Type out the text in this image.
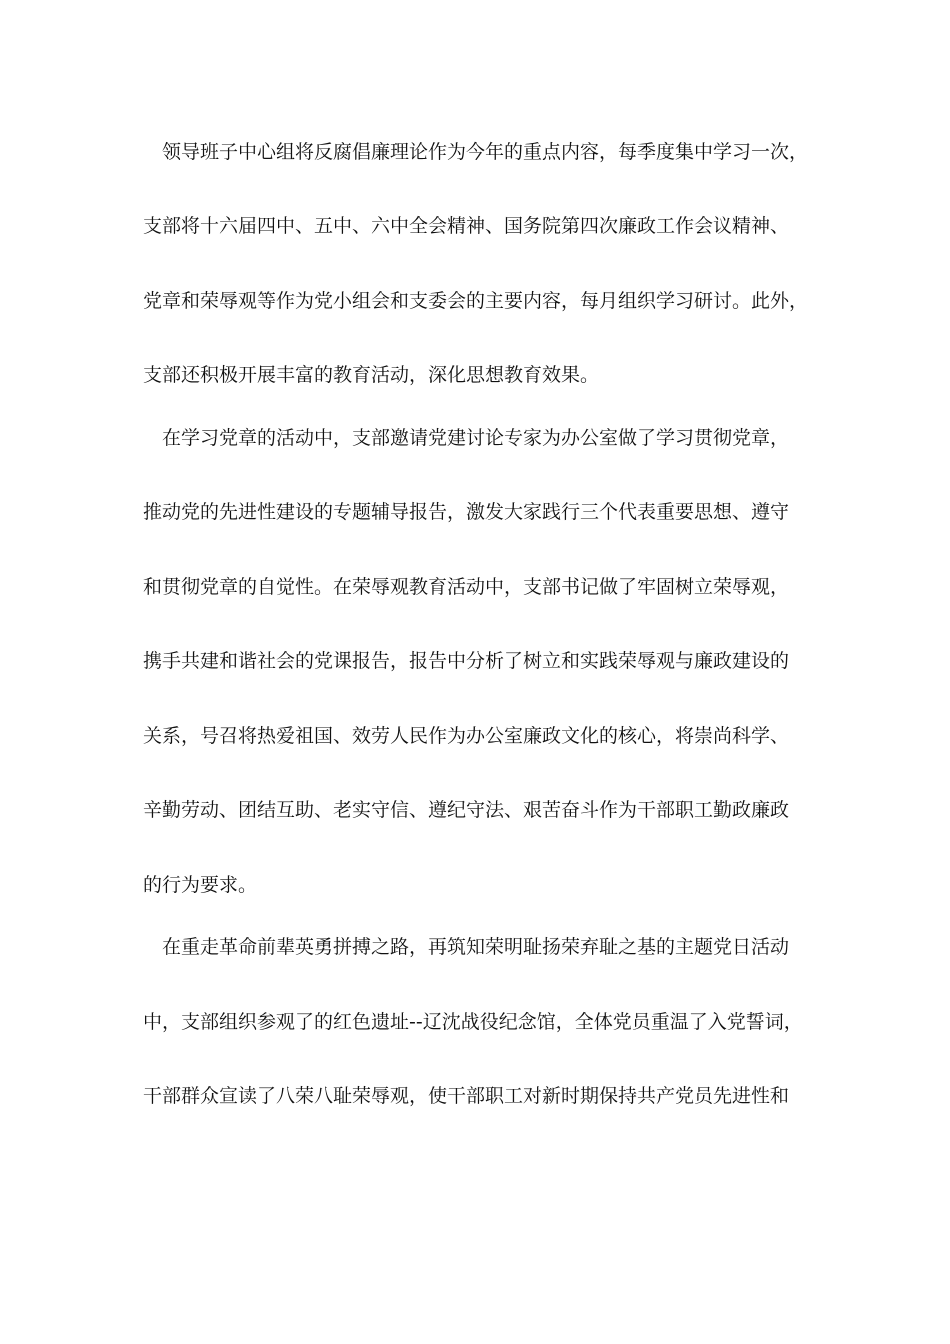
领导班子中心组将反腐倡廉理论作为今年的重点内容，每季度集中学习一次，
支部将十六届四中、五中、六中全会精神、国务院第四次廉政工作会议精神、
党章和荣辱观等作为党小组会和支委会的主要内容，每月组织学习研讨。此外，
支部还积极开展丰富的教育活动，深化思想教育效果。
在学习党章的活动中，支部邀请党建讨论专家为办公室做了学习贯彻党章，
推动党的先进性建设的专题辅导报告，激发大家践行三个代表重要思想、遵守
和贯彻党章的自觉性。在荣辱观教育活动中，支部书记做了牢固树立荣辱观，
携手共建和谐社会的党课报告，报告中分析了树立和实践荣辱观与廉政建设的
关系，号召将热爱祖国、效劳人民作为办公室廉政文化的核心，将崇尚科学、
辛勤劳动、团结互助、老实守信、遵纪守法、艰苦奋斗作为干部职工勤政廉政
的行为要求。
在重走革命前辈英勇拼搏之路，再筑知荣明耻扬荣弃耻之基的主题党日活动
中，支部组织参观了的红色遗址--辽沈战役纪念馆，全体党员重温了入党誓词，
干部群众宣读了八荣八耻荣辱观，使干部职工对新时期保持共产党员先进性和
